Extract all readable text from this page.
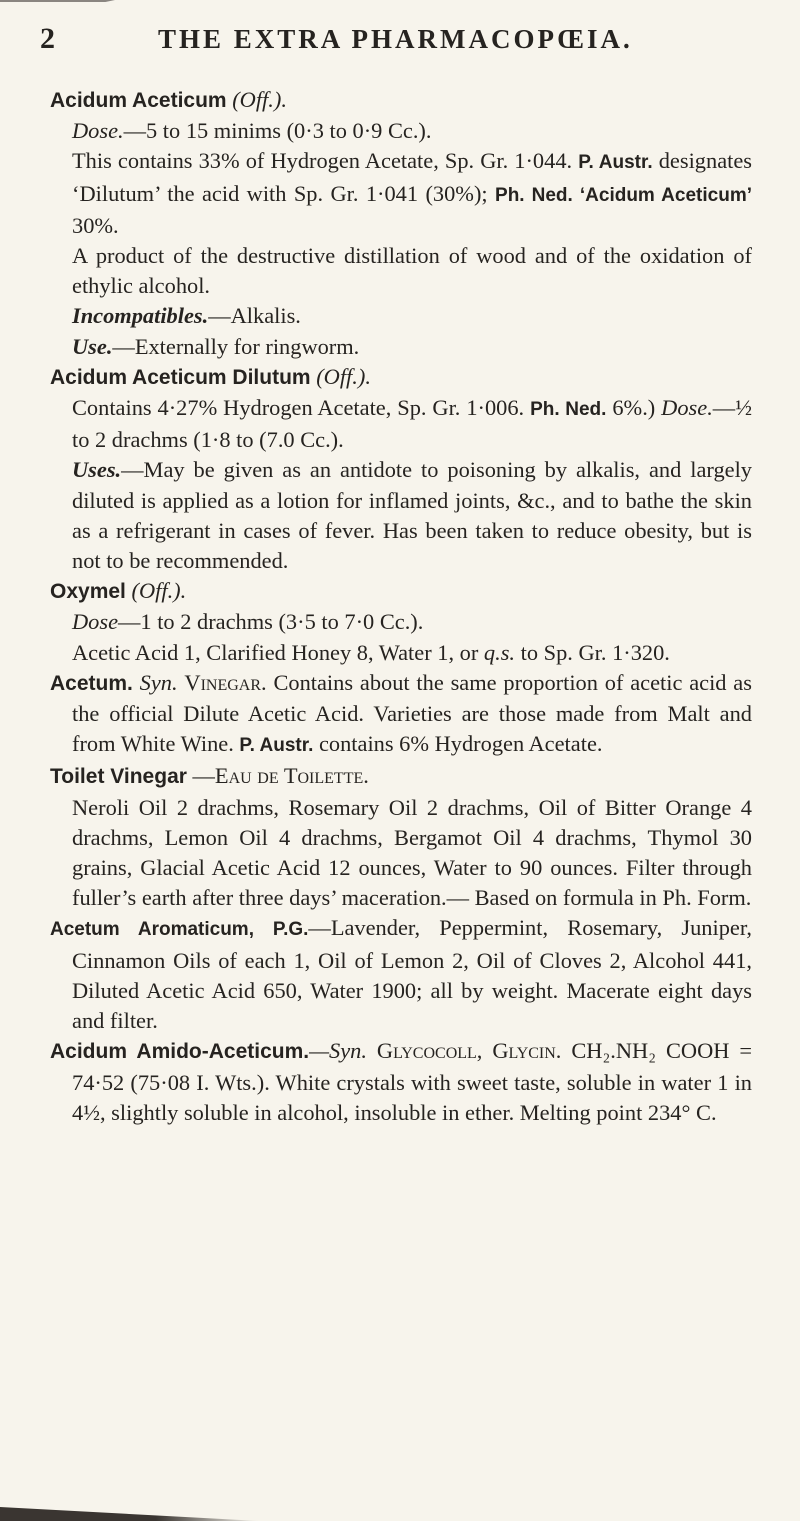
2	THE EXTRA PHARMACOPŒIA.

Acidum Aceticum (Off.).

Dose.—5 to 15 minims (0·3 to 0·9 Cc.).

This contains 33% of Hydrogen Acetate, Sp. Gr. 1·044. P. Austr. designates ‘Dilutum’ the acid with Sp. Gr. 1·041 (30%); Ph. Ned. ‘Acidum Aceticum’ 30%.

A product of the destructive distillation of wood and of the oxidation of ethylic alcohol.

Incompatibles.—Alkalis.

Use.—Externally for ringworm.

Acidum Aceticum Dilutum (Off.).

Contains 4·27% Hydrogen Acetate, Sp. Gr. 1·006. Ph. Ned. 6%.) Dose.—½ to 2 drachms (1·8 to (7.0 Cc.).

Uses.—May be given as an antidote to poisoning by alkalis, and largely diluted is applied as a lotion for inflamed joints, &c., and to bathe the skin as a refrigerant in cases of fever. Has been taken to reduce obesity, but is not to be recommended.

Oxymel (Off.).

Dose—1 to 2 drachms (3·5 to 7·0 Cc.).

Acetic Acid 1, Clarified Honey 8, Water 1, or q.s. to Sp. Gr. 1·320.

Acetum. Syn. Vinegar. Contains about the same proportion of acetic acid as the official Dilute Acetic Acid. Varieties are those made from Malt and from White Wine. P. Austr. contains 6% Hydrogen Acetate.

Toilet Vinegar —Eau de Toilette.

Neroli Oil 2 drachms, Rosemary Oil 2 drachms, Oil of Bitter Orange 4 drachms, Lemon Oil 4 drachms, Bergamot Oil 4 drachms, Thymol 30 grains, Glacial Acetic Acid 12 ounces, Water to 90 ounces. Filter through fuller’s earth after three days’ maceration.— Based on formula in Ph. Form.

Acetum Aromaticum, P.G.—Lavender, Peppermint, Rosemary, Juniper, Cinnamon Oils of each 1, Oil of Lemon 2, Oil of Cloves 2, Alcohol 441, Diluted Acetic Acid 650, Water 1900; all by weight. Macerate eight days and filter.

Acidum Amido-Aceticum.—Syn. Glycocoll, Glycin. CH₂.NH₂ COOH = 74·52 (75·08 I. Wts.). White crystals with sweet taste, soluble in water 1 in 4½, slightly soluble in alcohol, insoluble in ether. Melting point 234° C.
